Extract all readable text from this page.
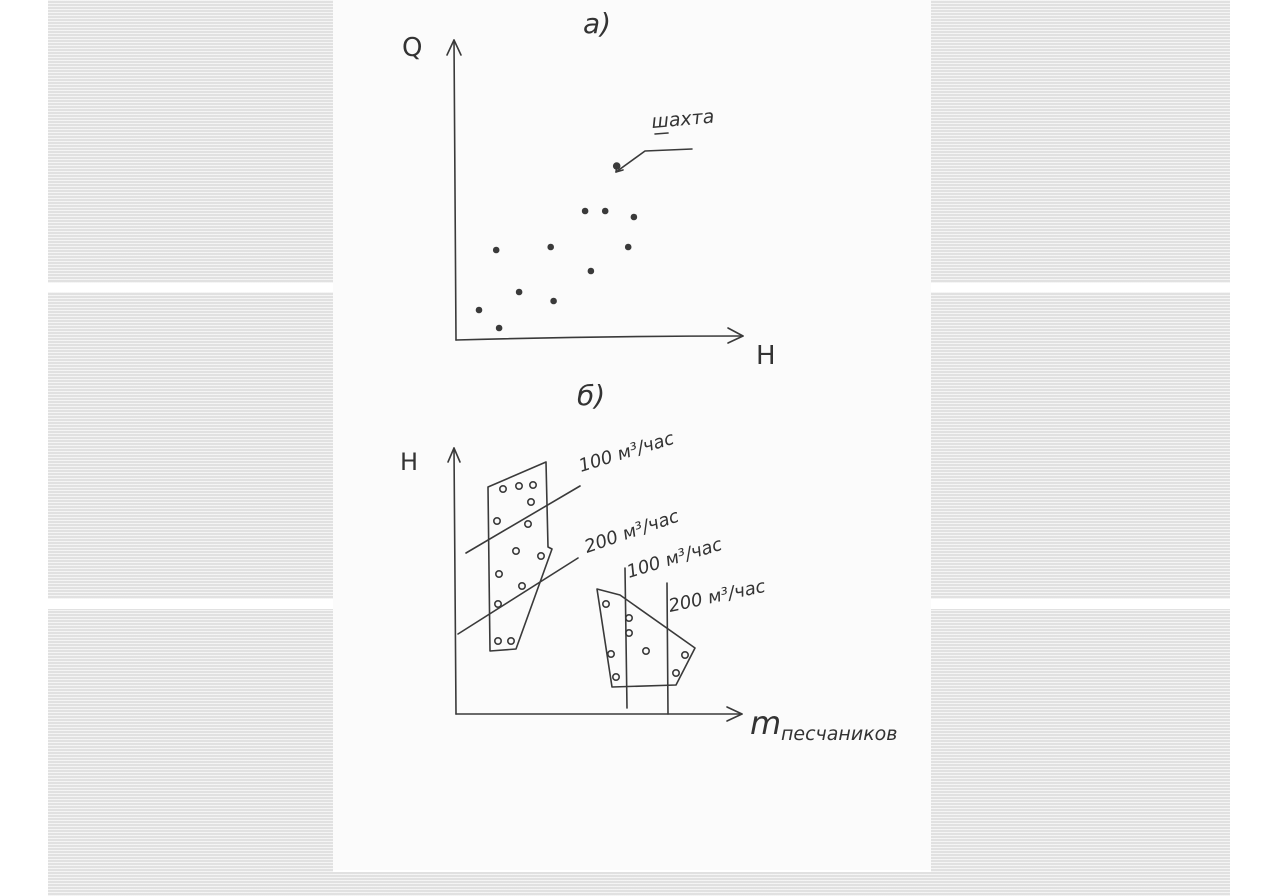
а)
Q
H
шахта
б)
H
m песчаников
100 м³/час
200 м³/час
100 м³/час
200 м³/час
